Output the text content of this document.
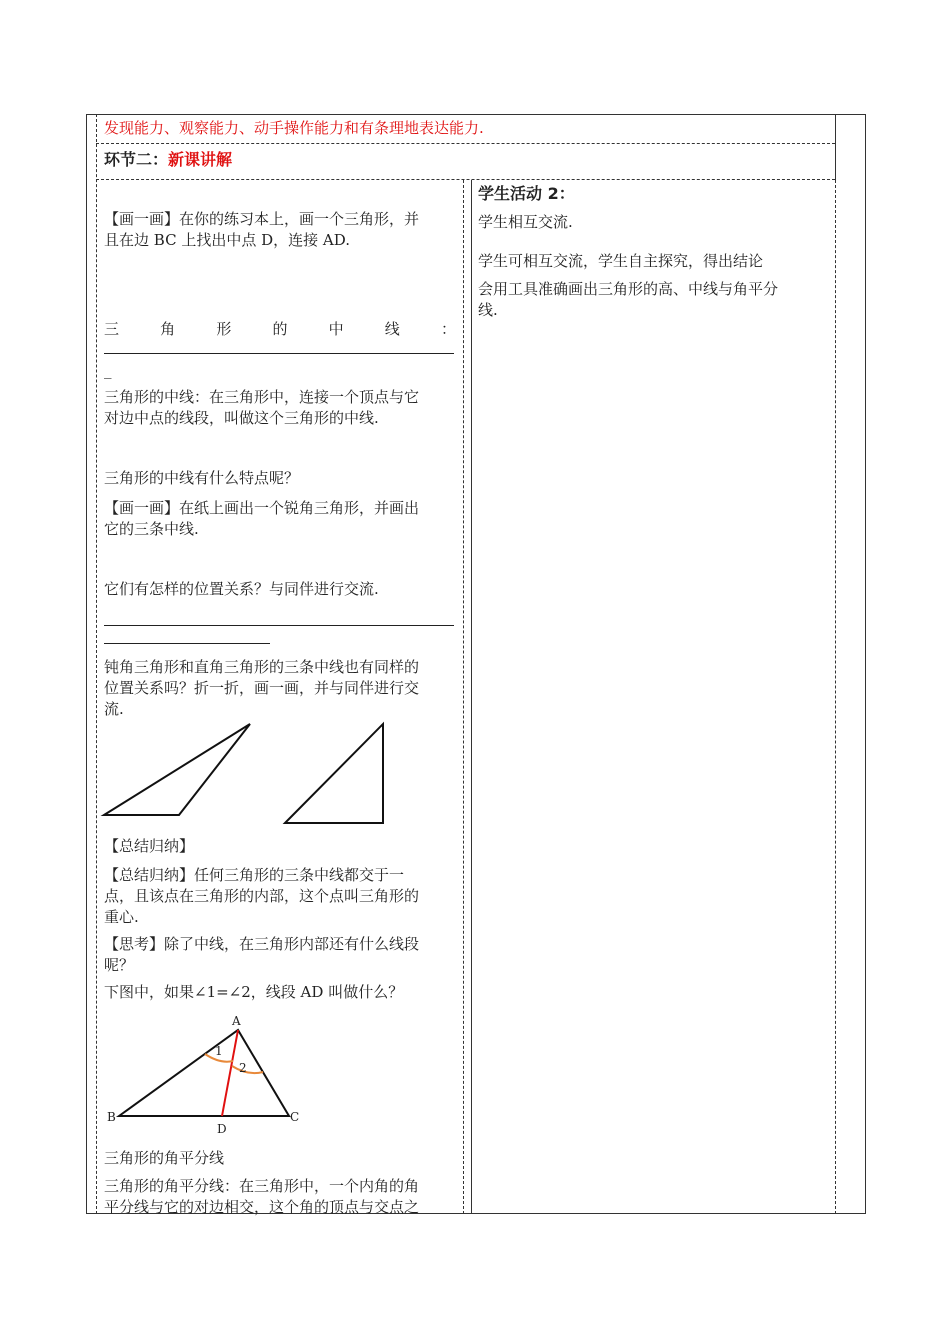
发现能力、观察能力、动手操作能力和有条理地表达能力.
环节二：新课讲解
【画一画】在你的练习本上，画一个三角形，并
且在边 BC 上找出中点 D，连接 AD.
三	角	形	的	中	线	：
_
三角形的中线：在三角形中，连接一个顶点与它
对边中点的线段，叫做这个三角形的中线.
三角形的中线有什么特点呢？
【画一画】在纸上画出一个锐角三角形，并画出
它的三条中线.
它们有怎样的位置关系？与同伴进行交流.
钝角三角形和直角三角形的三条中线也有同样的
位置关系吗？折一折，画一画，并与同伴进行交
流.
【总结归纳】
【总结归纳】任何三角形的三条中线都交于一
点，且该点在三角形的内部，这个点叫三角形的
重心.
【思考】除了中线，在三角形内部还有什么线段
呢？
下图中，如果∠1=∠2，线段 AD 叫做什么？
A
B	C
D
1
2
三角形的角平分线
三角形的角平分线：在三角形中，一个内角的角
平分线与它的对边相交，这个角的顶点与交点之
学生活动 2：
学生相互交流.
学生可相互交流，学生自主探究，得出结论
会用工具准确画出三角形的高、中线与角平分
线.
